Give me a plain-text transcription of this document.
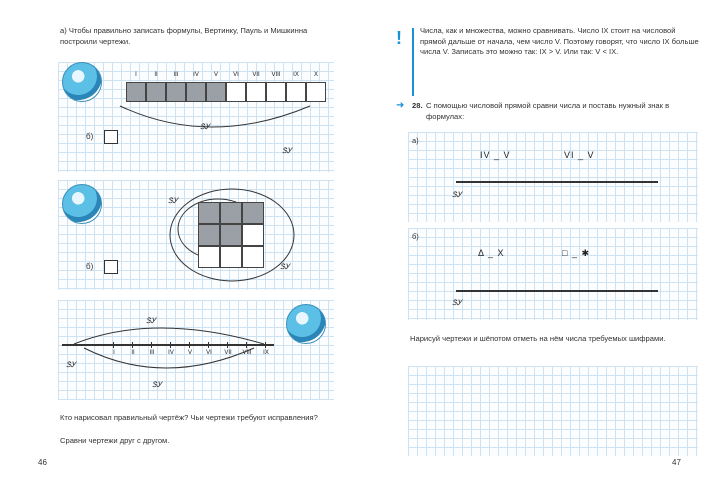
а) Чтобы правильно записать формулы, Вертинку, Пауль и Мишкинна построили чертежи.
I	II	III	IV	V	VI	VII	VIII	IX	X
ᏕᎩ
ᏕᎩ
б)
ᏕᎩ
ᏕᎩ
б)
I	II	III	IV	V	VI	VII	VIII	IX
ᏕᎩ
ᏕᎩ
ᏕᎩ
Кто нарисовал правильный чертёж? Чьи чертежи требуют исправления?
Сравни чертежи друг с другом.
46
! Числа, как и множества, можно сравнивать. Число IX стоит на числовой прямой дальше от начала, чем число V. Поэтому говорят, что число IX больше числа V. Записать это можно так: IX > V. Или так: V < IX.
➜ 28. С помощью числовой прямой сравни числа и поставь нужный знак в формулах:
а)
IV _ V	VI _ V
ᏕᎩ
б)
Δ _ X	□ _ ✱
ᏕᎩ
Нарисуй чертежи и шёпотом отметь на нём числа требуемых шифрами.
47
